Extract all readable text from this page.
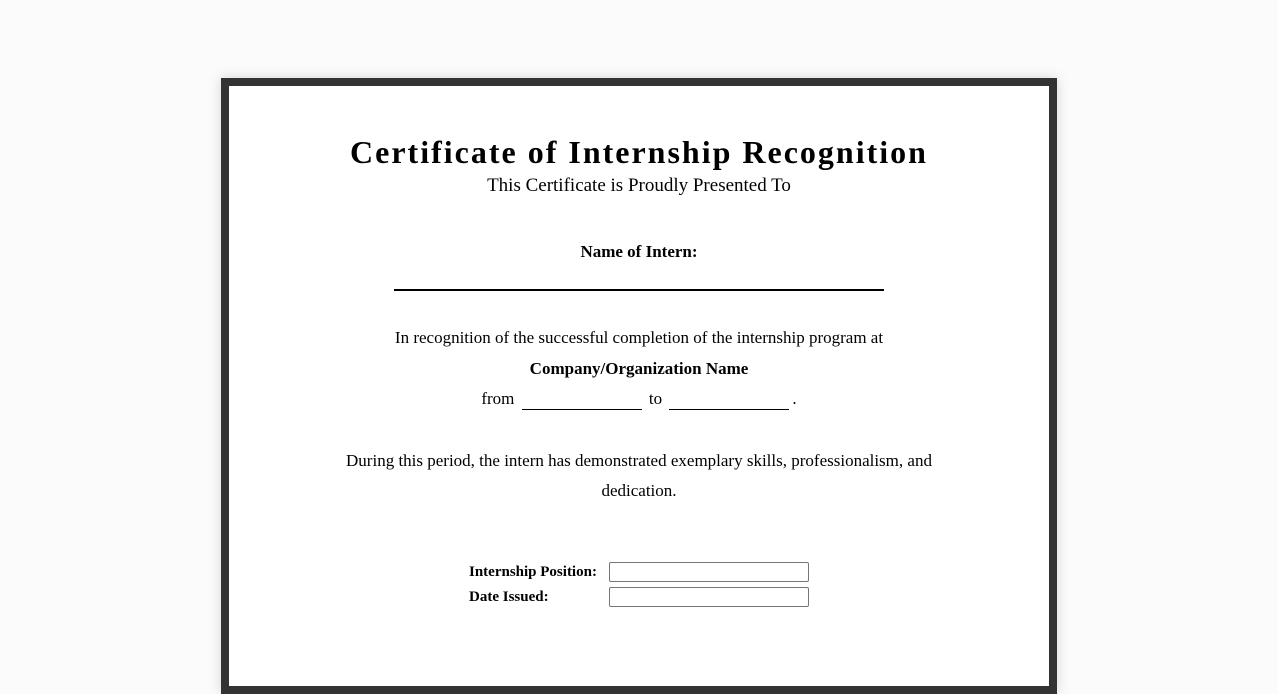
Certificate of Internship Recognition
This Certificate is Proudly Presented To
Name of Intern:
In recognition of the successful completion of the internship program at
Company/Organization Name
from	to	.
During this period, the intern has demonstrated exemplary skills, professionalism, and dedication.
Internship Position:
Date Issued:
